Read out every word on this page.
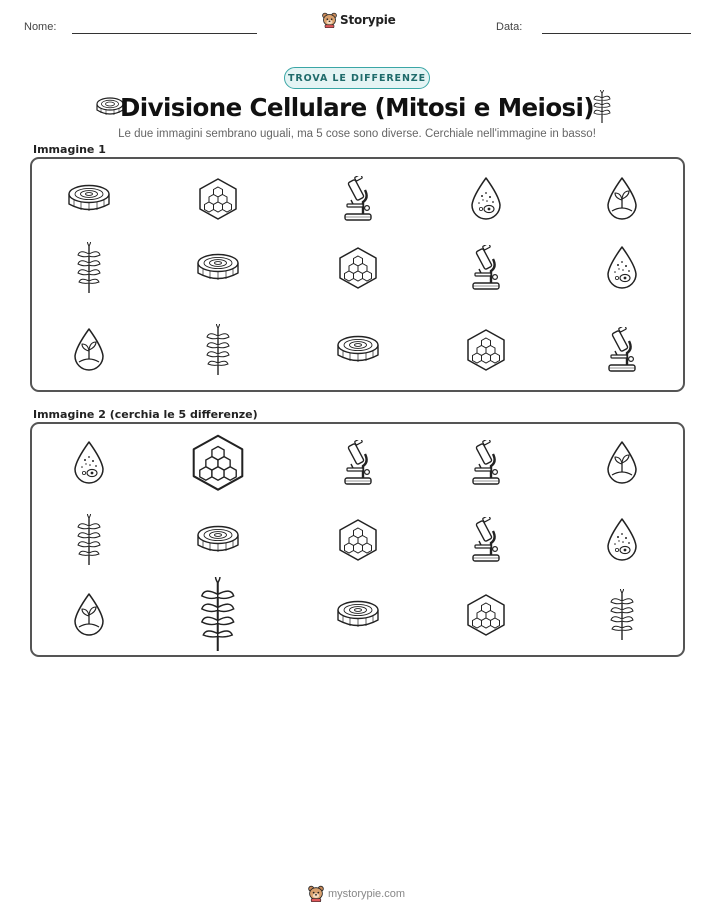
Nome:	Storypie	Data:
TROVA LE DIFFERENZE
Divisione Cellulare (Mitosi e Meiosi)
Le due immagini sembrano uguali, ma 5 cose sono diverse. Cerchiale nell'immagine in basso!
Immagine 1
Immagine 2 (cerchia le 5 differenze)
mystorypie.com
